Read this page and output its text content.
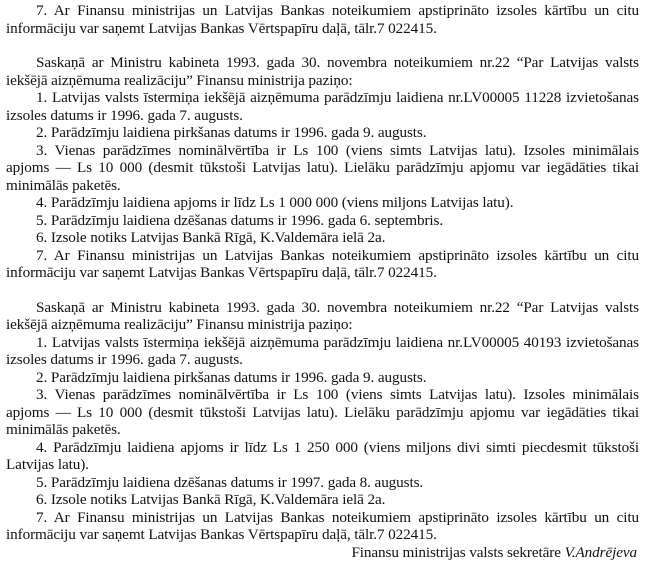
7. Ar Finansu ministrijas un Latvijas Bankas noteikumiem apstiprināto izsoles kārtību un citu informāciju var saņemt Latvijas Bankas Vērtspapīru daļā, tālr.7 022415.

Saskaņā ar Ministru kabineta 1993. gada 30. novembra noteikumiem nr.22 “Par Latvijas valsts iekšējā aizņēmuma realizāciju” Finansu ministrija paziņo:

1. Latvijas valsts īstermiņa iekšējā aizņēmuma parādzīmju laidiena nr.LV00005 11228 izvietošanas izsoles datums ir 1996. gada 7. augusts.

2. Parādzīmju laidiena pirkšanas datums ir 1996. gada 9. augusts.

3. Vienas parādzīmes nominālvērtība ir Ls 100 (viens simts Latvijas latu). Izsoles minimālais apjoms — Ls 10 000 (desmit tūkstoši Latvijas latu). Lielāku parādzīmju apjomu var iegādāties tikai minimālās paketēs.

4. Parādzīmju laidiena apjoms ir līdz Ls 1 000 000 (viens miljons Latvijas latu).

5. Parādzīmju laidiena dzēšanas datums ir 1996. gada 6. septembris.

6. Izsole notiks Latvijas Bankā Rīgā, K.Valdemāra ielā 2a.

7. Ar Finansu ministrijas un Latvijas Bankas noteikumiem apstiprināto izsoles kārtību un citu informāciju var saņemt Latvijas Bankas Vērtspapīru daļā, tālr.7 022415.

Saskaņā ar Ministru kabineta 1993. gada 30. novembra noteikumiem nr.22 “Par Latvijas valsts iekšējā aizņēmuma realizāciju” Finansu ministrija paziņo:

1. Latvijas valsts īstermiņa iekšējā aizņēmuma parādzīmju laidiena nr.LV00005 40193 izvietošanas izsoles datums ir 1996. gada 7. augusts.

2. Parādzīmju laidiena pirkšanas datums ir 1996. gada 9. augusts.

3. Vienas parādzīmes nominālvērtība ir Ls 100 (viens simts Latvijas latu). Izsoles minimālais apjoms — Ls 10 000 (desmit tūkstoši Latvijas latu). Lielāku parādzīmju apjomu var iegādāties tikai minimālās paketēs.

4. Parādzīmju laidiena apjoms ir līdz Ls 1 250 000 (viens miljons divi simti piecdesmit tūkstoši Latvijas latu).

5. Parādzīmju laidiena dzēšanas datums ir 1997. gada 8. augusts.

6. Izsole notiks Latvijas Bankā Rīgā, K.Valdemāra ielā 2a.

7. Ar Finansu ministrijas un Latvijas Bankas noteikumiem apstiprināto izsoles kārtību un citu informāciju var saņemt Latvijas Bankas Vērtspapīru daļā, tālr.7 022415.

Finansu ministrijas valsts sekretāre V.Andrējeva
